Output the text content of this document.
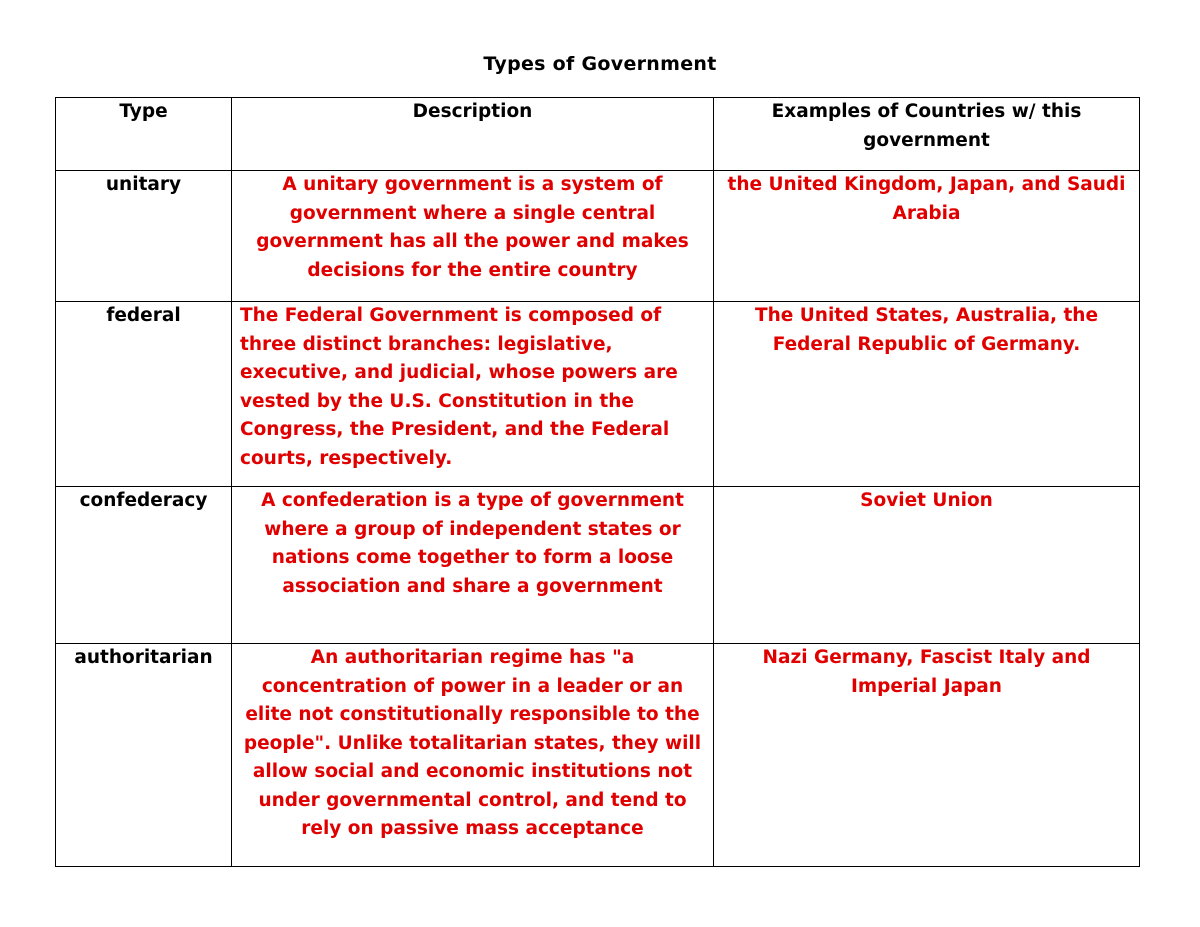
Types of Government
Type	Description	Examples of Countries w/ this government
unitary	A unitary government is a system of government where a single central government has all the power and makes decisions for the entire country	the United Kingdom, Japan, and Saudi Arabia
federal	The Federal Government is composed of three distinct branches: legislative, executive, and judicial, whose powers are vested by the U.S. Constitution in the Congress, the President, and the Federal courts, respectively.	The United States, Australia, the Federal Republic of Germany.
confederacy	A confederation is a type of government where a group of independent states or nations come together to form a loose association and share a government	Soviet Union
authoritarian	An authoritarian regime has "a concentration of power in a leader or an elite not constitutionally responsible to the people". Unlike totalitarian states, they will allow social and economic institutions not under governmental control, and tend to rely on passive mass acceptance	Nazi Germany, Fascist Italy and Imperial Japan
